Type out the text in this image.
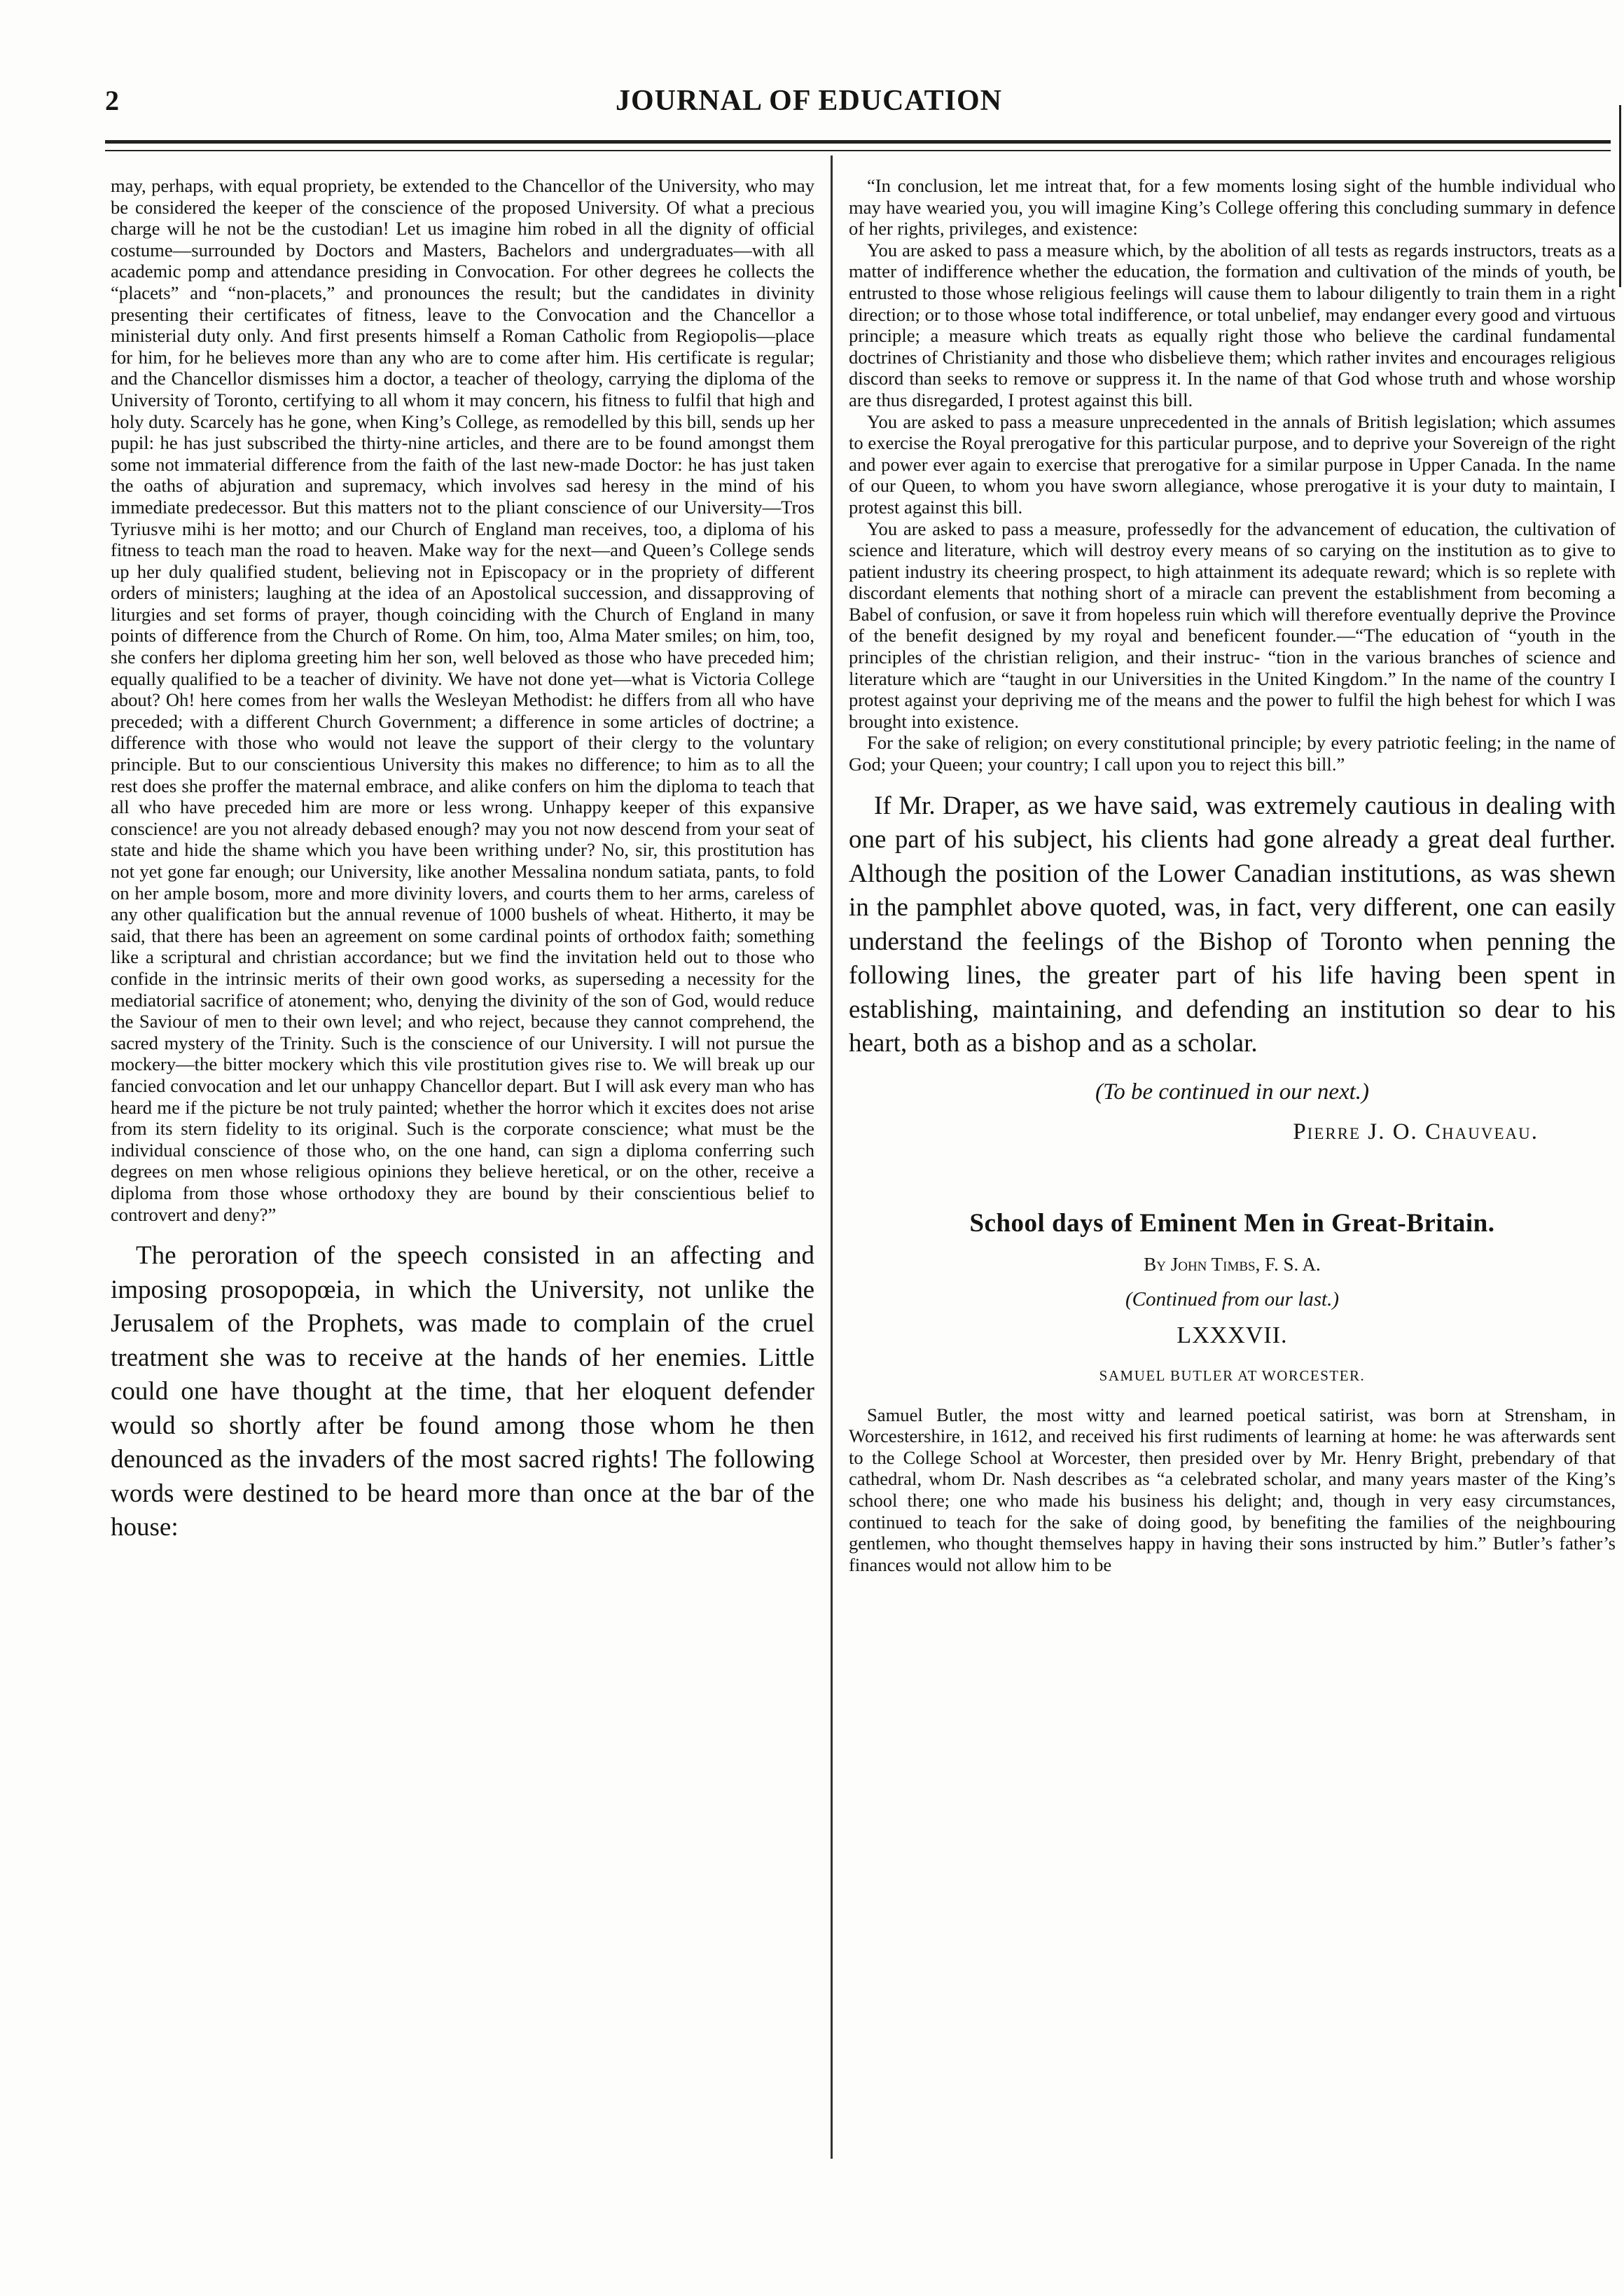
2	JOURNAL OF EDUCATION

may, perhaps, with equal propriety, be extended to the Chancellor of the University, who may be considered the keeper of the conscience of the proposed University. Of what a precious charge will he not be the custodian! Let us imagine him robed in all the dignity of official costume—surrounded by Doctors and Masters, Bachelors and undergraduates—with all academic pomp and attendance presiding in Convocation. For other degrees he collects the “placets” and “non-placets,” and pronounces the result; but the candidates in divinity presenting their certificates of fitness, leave to the Convocation and the Chancellor a ministerial duty only. And first presents himself a Roman Catholic from Regiopolis—place for him, for he believes more than any who are to come after him. His certificate is regular; and the Chancellor dismisses him a doctor, a teacher of theology, carrying the diploma of the University of Toronto, certifying to all whom it may concern, his fitness to fulfil that high and holy duty. Scarcely has he gone, when King’s College, as remodelled by this bill, sends up her pupil: he has just subscribed the thirty-nine articles, and there are to be found amongst them some not immaterial difference from the faith of the last new-made Doctor: he has just taken the oaths of abjuration and supremacy, which involves sad heresy in the mind of his immediate predecessor. But this matters not to the pliant conscience of our University—Tros Tyriusve mihi is her motto; and our Church of England man receives, too, a diploma of his fitness to teach man the road to heaven. Make way for the next—and Queen’s College sends up her duly qualified student, believing not in Episcopacy or in the propriety of different orders of ministers; laughing at the idea of an Apostolical succession, and dissapproving of liturgies and set forms of prayer, though coinciding with the Church of England in many points of difference from the Church of Rome. On him, too, Alma Mater smiles; on him, too, she confers her diploma greeting him her son, well beloved as those who have preceded him; equally qualified to be a teacher of divinity. We have not done yet—what is Victoria College about? Oh! here comes from her walls the Wesleyan Methodist: he differs from all who have preceded; with a different Church Government; a difference in some articles of doctrine; a difference with those who would not leave the support of their clergy to the voluntary principle. But to our conscientious University this makes no difference; to him as to all the rest does she proffer the maternal embrace, and alike confers on him the diploma to teach that all who have preceded him are more or less wrong. Unhappy keeper of this expansive conscience! are you not already debased enough? may you not now descend from your seat of state and hide the shame which you have been writhing under? No, sir, this prostitution has not yet gone far enough; our University, like another Messalina nondum satiata, pants, to fold on her ample bosom, more and more divinity lovers, and courts them to her arms, careless of any other qualification but the annual revenue of 1000 bushels of wheat. Hitherto, it may be said, that there has been an agreement on some cardinal points of orthodox faith; something like a scriptural and christian accordance; but we find the invitation held out to those who confide in the intrinsic merits of their own good works, as superseding a necessity for the mediatorial sacrifice of atonement; who, denying the divinity of the son of God, would reduce the Saviour of men to their own level; and who reject, because they cannot comprehend, the sacred mystery of the Trinity. Such is the conscience of our University. I will not pursue the mockery—the bitter mockery which this vile prostitution gives rise to. We will break up our fancied convocation and let our unhappy Chancellor depart. But I will ask every man who has heard me if the picture be not truly painted; whether the horror which it excites does not arise from its stern fidelity to its original. Such is the corporate conscience; what must be the individual conscience of those who, on the one hand, can sign a diploma conferring such degrees on men whose religious opinions they believe heretical, or on the other, receive a diploma from those whose orthodoxy they are bound by their conscientious belief to controvert and deny?”

The peroration of the speech consisted in an affecting and imposing prosopopœia, in which the University, not unlike the Jerusalem of the Prophets, was made to complain of the cruel treatment she was to receive at the hands of her enemies. Little could one have thought at the time, that her eloquent defender would so shortly after be found among those whom he then denounced as the invaders of the most sacred rights! The following words were destined to be heard more than once at the bar of the house:

“In conclusion, let me intreat that, for a few moments losing sight of the humble individual who may have wearied you, you will imagine King’s College offering this concluding summary in defence of her rights, privileges, and existence:

You are asked to pass a measure which, by the abolition of all tests as regards instructors, treats as a matter of indifference whether the education, the formation and cultivation of the minds of youth, be entrusted to those whose religious feelings will cause them to labour diligently to train them in a right direction; or to those whose total indifference, or total unbelief, may endanger every good and virtuous principle; a measure which treats as equally right those who believe the cardinal fundamental doctrines of Christianity and those who disbelieve them; which rather invites and encourages religious discord than seeks to remove or suppress it. In the name of that God whose truth and whose worship are thus disregarded, I protest against this bill.

You are asked to pass a measure unprecedented in the annals of British legislation; which assumes to exercise the Royal prerogative for this particular purpose, and to deprive your Sovereign of the right and power ever again to exercise that prerogative for a similar purpose in Upper Canada. In the name of our Queen, to whom you have sworn allegiance, whose prerogative it is your duty to maintain, I protest against this bill.

You are asked to pass a measure, professedly for the advancement of education, the cultivation of science and literature, which will destroy every means of so carying on the institution as to give to patient industry its cheering prospect, to high attainment its adequate reward; which is so replete with discordant elements that nothing short of a miracle can prevent the establishment from becoming a Babel of confusion, or save it from hopeless ruin which will therefore eventually deprive the Province of the benefit designed by my royal and beneficent founder.—“The education of “youth in the principles of the christian religion, and their instruc- “tion in the various branches of science and literature which are “taught in our Universities in the United Kingdom.” In the name of the country I protest against your depriving me of the means and the power to fulfil the high behest for which I was brought into existence.

For the sake of religion; on every constitutional principle; by every patriotic feeling; in the name of God; your Queen; your country; I call upon you to reject this bill.”

If Mr. Draper, as we have said, was extremely cautious in dealing with one part of his subject, his clients had gone already a great deal further. Although the position of the Lower Canadian institutions, as was shewn in the pamphlet above quoted, was, in fact, very different, one can easily understand the feelings of the Bishop of Toronto when penning the following lines, the greater part of his life having been spent in establishing, maintaining, and defending an institution so dear to his heart, both as a bishop and as a scholar.

(To be continued in our next.)
Pierre J. O. Chauveau.
School days of Eminent Men in Great-Britain.
By John Timbs, F. S. A.
(Continued from our last.)
LXXXVII.
SAMUEL BUTLER AT WORCESTER.

Samuel Butler, the most witty and learned poetical satirist, was born at Strensham, in Worcestershire, in 1612, and received his first rudiments of learning at home: he was afterwards sent to the College School at Worcester, then presided over by Mr. Henry Bright, prebendary of that cathedral, whom Dr. Nash describes as “a celebrated scholar, and many years master of the King’s school there; one who made his business his delight; and, though in very easy circumstances, continued to teach for the sake of doing good, by benefiting the families of the neighbouring gentlemen, who thought themselves happy in having their sons instructed by him.” Butler’s father’s finances would not allow him to be
